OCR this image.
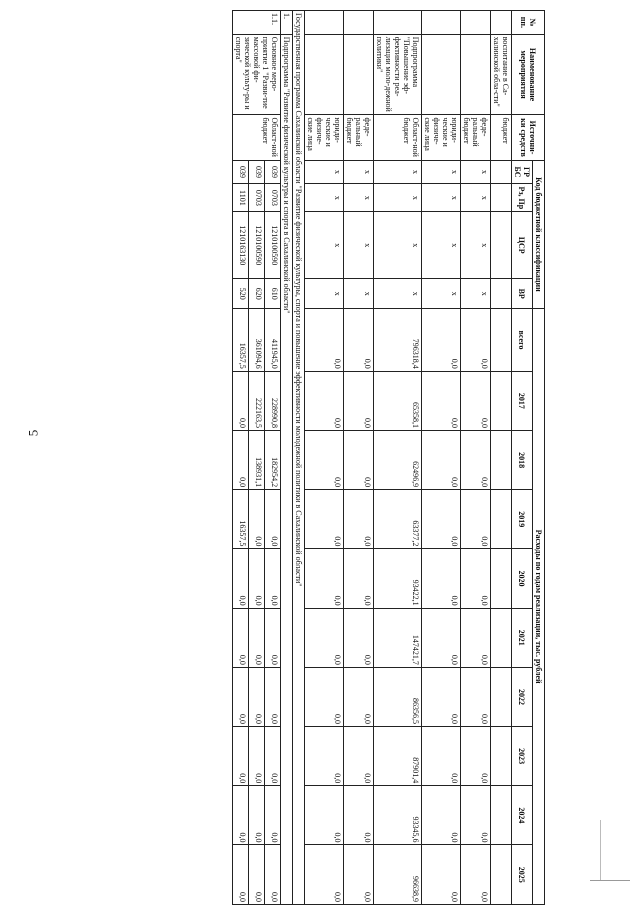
5
№ пп.	Наименование мероприятия	Источни-ки средств	Код бюджетной классификации				Расходы по годам реализации, тыс. рублей									
			ГР БС	Рз, Пр	ЦСР	ВР	всего	2017	2018	2019	2020	2021	2022	2023	2024	2025
	воспитание в Са-халинской обла-сти"	бюджет														
		феде-ральный бюджет	x	x	x	x	0,0	0,0	0,0	0,0	0,0	0,0	0,0	0,0	0,0	0,0
		юриди-ческие и физиче-ские лица	x	x	x	x	0,0	0,0	0,0	0,0	0,0	0,0	0,0	0,0	0,0	0,0
	Подпрограмма "Повышение эф-фективности реа-лизации моло-дежной политики"	Област-ной бюджет	x	x	x	x	796318,4	65358,1	62496,9	63377,2	93422,1	147421,7	86356,5	87901,4	93345,6	96638,9
		феде-ральный бюджет	x	x	x	x	0,0	0,0	0,0	0,0	0,0	0,0	0,0	0,0	0,0	0,0
		юриди-ческие и физиче-ские лица	x	x	x	x	0,0	0,0	0,0	0,0	0,0	0,0	0,0	0,0	0,0	0,0
Государственная программа Сахалинской области "Развитие физической культуры, спорта и повышение эффективности молодежной политики в Сахалинской области"																
1.	Подпрограмма "Развитие физической культуры и спорта в Сахалинской области"															
1.1.	Основное меро-приятие 1 "Разви-тие массовой фи-зической культу-ры и спорта"	Област-ной бюджет	039	0703	1210100590	610	411945,0	228990,8	182954,2	0,0	0,0	0,0	0,0	0,0	0,0	0,0
			039	0703	1210100590	620	361094,6	222163,5	138931,1	0,0	0,0	0,0	0,0	0,0	0,0	0,0
			039	1101	1210163130	520	16357,5	0,0	0,0	16357,5	0,0	0,0	0,0	0,0	0,0	0,0
